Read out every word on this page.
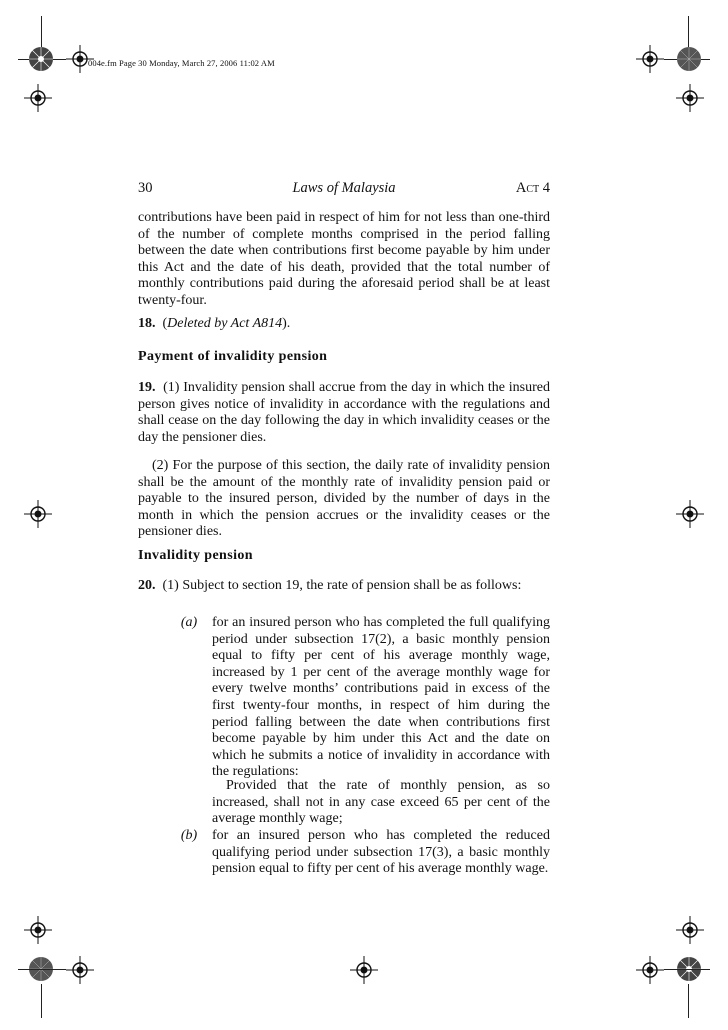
004e.fm Page 30 Monday, March 27, 2006 11:02 AM
30	Laws of Malaysia	Act 4
contributions have been paid in respect of him for not less than one-third of the number of complete months comprised in the period falling between the date when contributions first become payable by him under this Act and the date of his death, provided that the total number of monthly contributions paid during the aforesaid period shall be at least twenty-four.
18. (Deleted by Act A814).
Payment of invalidity pension
19. (1) Invalidity pension shall accrue from the day in which the insured person gives notice of invalidity in accordance with the regulations and shall cease on the day following the day in which invalidity ceases or the day the pensioner dies.
(2) For the purpose of this section, the daily rate of invalidity pension shall be the amount of the monthly rate of invalidity pension paid or payable to the insured person, divided by the number of days in the month in which the pension accrues or the invalidity ceases or the pensioner dies.
Invalidity pension
20. (1) Subject to section 19, the rate of pension shall be as follows:
(a)	for an insured person who has completed the full qualifying period under subsection 17(2), a basic monthly pension equal to fifty per cent of his average monthly wage, increased by 1 per cent of the average monthly wage for every twelve months’ contributions paid in excess of the first twenty-four months, in respect of him during the period falling between the date when contributions first become payable by him under this Act and the date on which he submits a notice of invalidity in accordance with the regulations:
Provided that the rate of monthly pension, as so increased, shall not in any case exceed 65 per cent of the average monthly wage;
(b)	for an insured person who has completed the reduced qualifying period under subsection 17(3), a basic monthly pension equal to fifty per cent of his average monthly wage.
